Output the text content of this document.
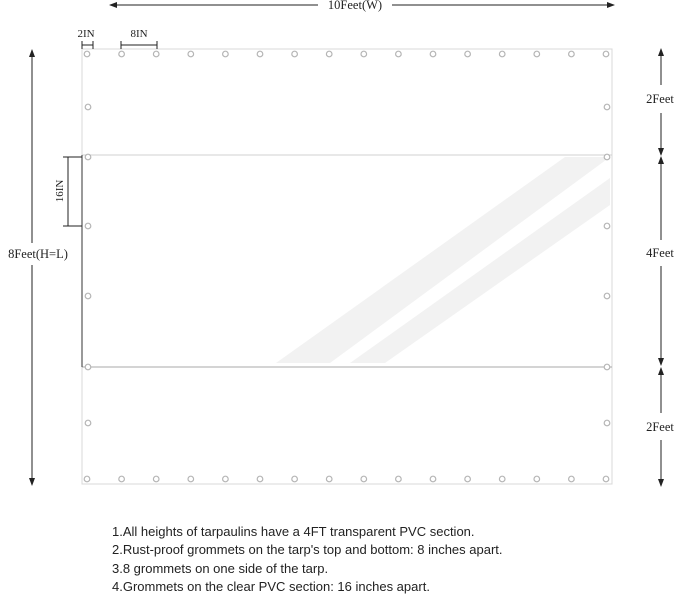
10Feet(W)
2IN	8IN
8Feet(H=L)
16IN
2Feet
4Feet
2Feet
1.All heights of tarpaulins have a 4FT transparent PVC section.
2.Rust-proof grommets on the tarp's top and bottom: 8 inches apart.
3.8 grommets on one side of the tarp.
4.Grommets on the clear PVC section: 16 inches apart.
